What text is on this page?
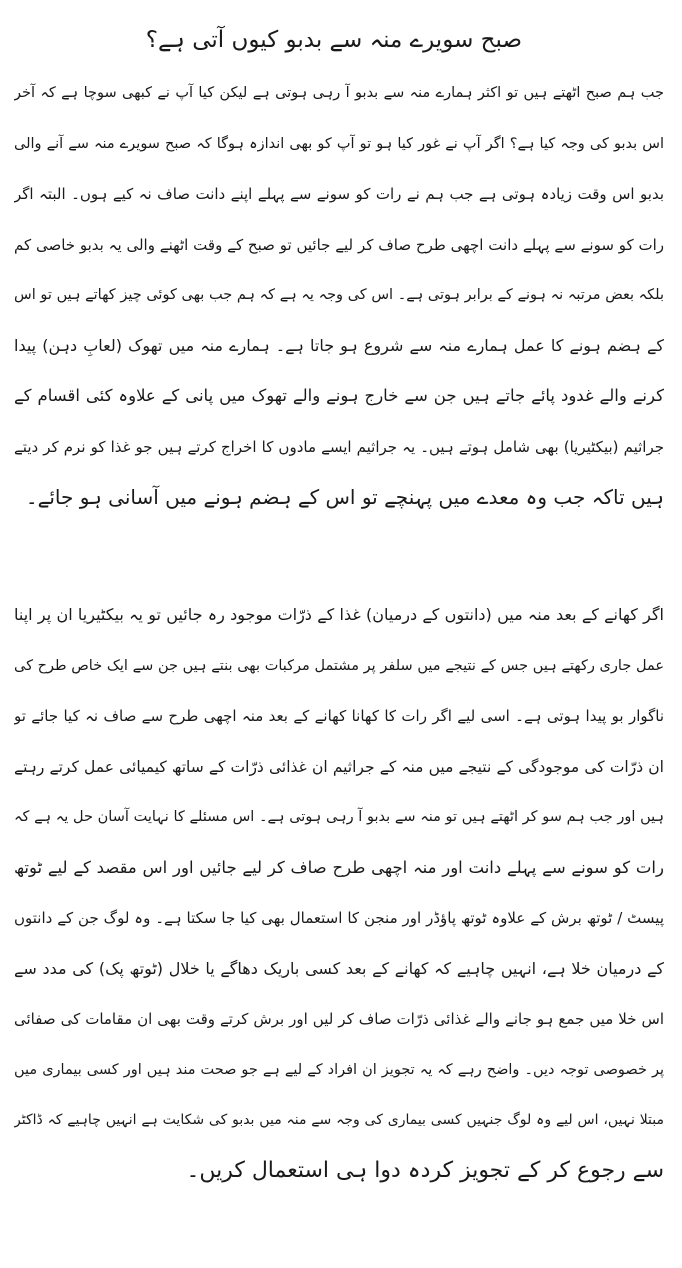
صبح سویرے منہ سے بدبو کیوں آتی ہے؟
جب ہم صبح اٹھتے ہیں تو اکثر ہمارے منہ سے بدبو آ رہی ہوتی ہے لیکن کیا آپ نے کبھی سوچا ہے کہ آخر
اس بدبو کی وجہ کیا ہے؟ اگر آپ نے غور کیا ہو تو آپ کو بھی اندازہ ہوگا کہ صبح سویرے منہ سے آنے والی
بدبو اس وقت زیادہ ہوتی ہے جب ہم نے رات کو سونے سے پہلے اپنے دانت صاف نہ کیے ہوں۔ البتہ اگر
رات کو سونے سے پہلے دانت اچھی طرح صاف کر لیے جائیں تو صبح کے وقت اٹھنے والی یہ بدبو خاصی کم
بلکہ بعض مرتبہ نہ ہونے کے برابر ہوتی ہے۔ اس کی وجہ یہ ہے کہ ہم جب بھی کوئی چیز کھاتے ہیں تو اس
کے ہضم ہونے کا عمل ہمارے منہ سے شروع ہو جاتا ہے۔ ہمارے منہ میں تھوک (لعابِ دہن) پیدا
کرنے والے غدود پائے جاتے ہیں جن سے خارج ہونے والے تھوک میں پانی کے علاوہ کئی اقسام کے
جراثیم (بیکٹیریا) بھی شامل ہوتے ہیں۔ یہ جراثیم ایسے مادوں کا اخراج کرتے ہیں جو غذا کو نرم کر دیتے
ہیں تاکہ جب وہ معدے میں پہنچے تو اس کے ہضم ہونے میں آسانی ہو جائے۔
اگر کھانے کے بعد منہ میں (دانتوں کے درمیان) غذا کے ذرّات موجود رہ جائیں تو یہ بیکٹیریا ان پر اپنا
عمل جاری رکھتے ہیں جس کے نتیجے میں سلفر پر مشتمل مرکبات بھی بنتے ہیں جن سے ایک خاص طرح کی
ناگوار بو پیدا ہوتی ہے۔ اسی لیے اگر رات کا کھانا کھانے کے بعد منہ اچھی طرح سے صاف نہ کیا جائے تو
ان ذرّات کی موجودگی کے نتیجے میں منہ کے جراثیم ان غذائی ذرّات کے ساتھ کیمیائی عمل کرتے رہتے
ہیں اور جب ہم سو کر اٹھتے ہیں تو منہ سے بدبو آ رہی ہوتی ہے۔ اس مسئلے کا نہایت آسان حل یہ ہے کہ
رات کو سونے سے پہلے دانت اور منہ اچھی طرح صاف کر لیے جائیں اور اس مقصد کے لیے ٹوتھ
پیسٹ / ٹوتھ برش کے علاوہ ٹوتھ پاؤڈر اور منجن کا استعمال بھی کیا جا سکتا ہے۔ وہ لوگ جن کے دانتوں
کے درمیان خلا ہے، انہیں چاہیے کہ کھانے کے بعد کسی باریک دھاگے یا خلال (ٹوتھ پک) کی مدد سے
اس خلا میں جمع ہو جانے والے غذائی ذرّات صاف کر لیں اور برش کرتے وقت بھی ان مقامات کی صفائی
پر خصوصی توجہ دیں۔ واضح رہے کہ یہ تجویز ان افراد کے لیے ہے جو صحت مند ہیں اور کسی بیماری میں
مبتلا نہیں، اس لیے وہ لوگ جنہیں کسی بیماری کی وجہ سے منہ میں بدبو کی شکایت ہے انہیں چاہیے کہ ڈاکٹر
سے رجوع کر کے تجویز کردہ دوا ہی استعمال کریں۔
